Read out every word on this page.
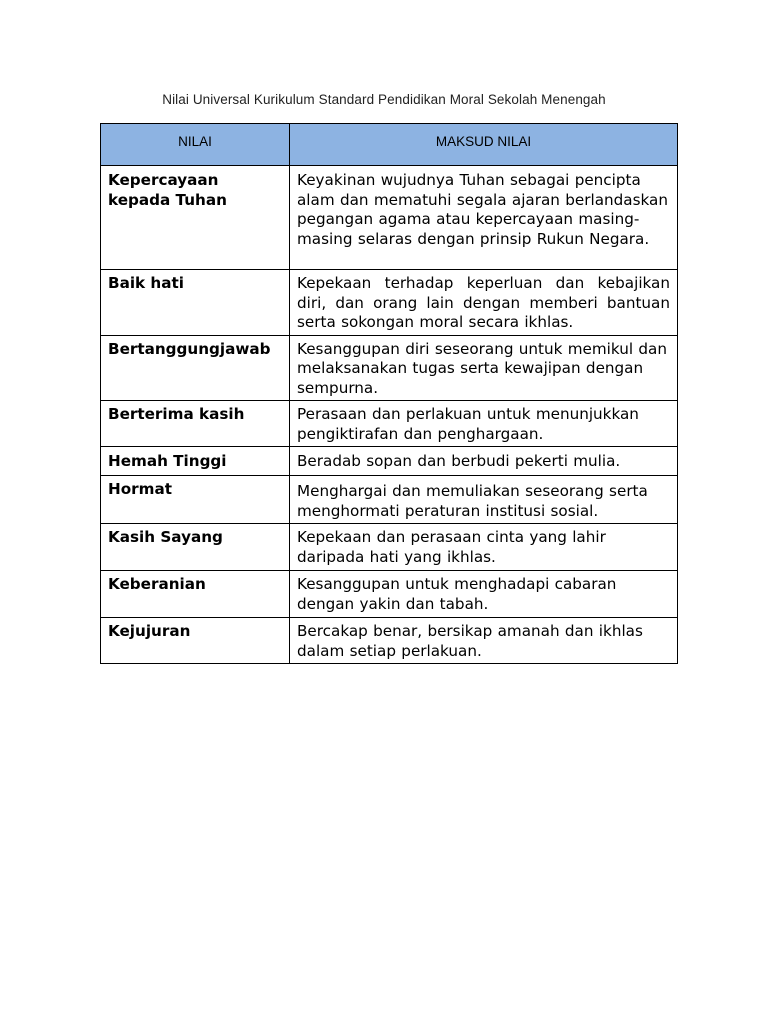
Nilai Universal Kurikulum Standard Pendidikan Moral Sekolah Menengah
NILAI	MAKSUD NILAI
Kepercayaan kepada Tuhan	Keyakinan wujudnya Tuhan sebagai pencipta alam dan mematuhi segala ajaran berlandaskan pegangan agama atau kepercayaan masing-masing selaras dengan prinsip Rukun Negara.
Baik hati	Kepekaan terhadap keperluan dan kebajikan diri, dan orang lain dengan memberi bantuan serta sokongan moral secara ikhlas.
Bertanggungjawab	Kesanggupan diri seseorang untuk memikul dan melaksanakan tugas serta kewajipan dengan sempurna.
Berterima kasih	Perasaan dan perlakuan untuk menunjukkan pengiktirafan dan penghargaan.
Hemah Tinggi	Beradab sopan dan berbudi pekerti mulia.
Hormat	Menghargai dan memuliakan seseorang serta menghormati peraturan institusi sosial.
Kasih Sayang	Kepekaan dan perasaan cinta yang lahir daripada hati yang ikhlas.
Keberanian	Kesanggupan untuk menghadapi cabaran dengan yakin dan tabah.
Kejujuran	Bercakap benar, bersikap amanah dan ikhlas dalam setiap perlakuan.
